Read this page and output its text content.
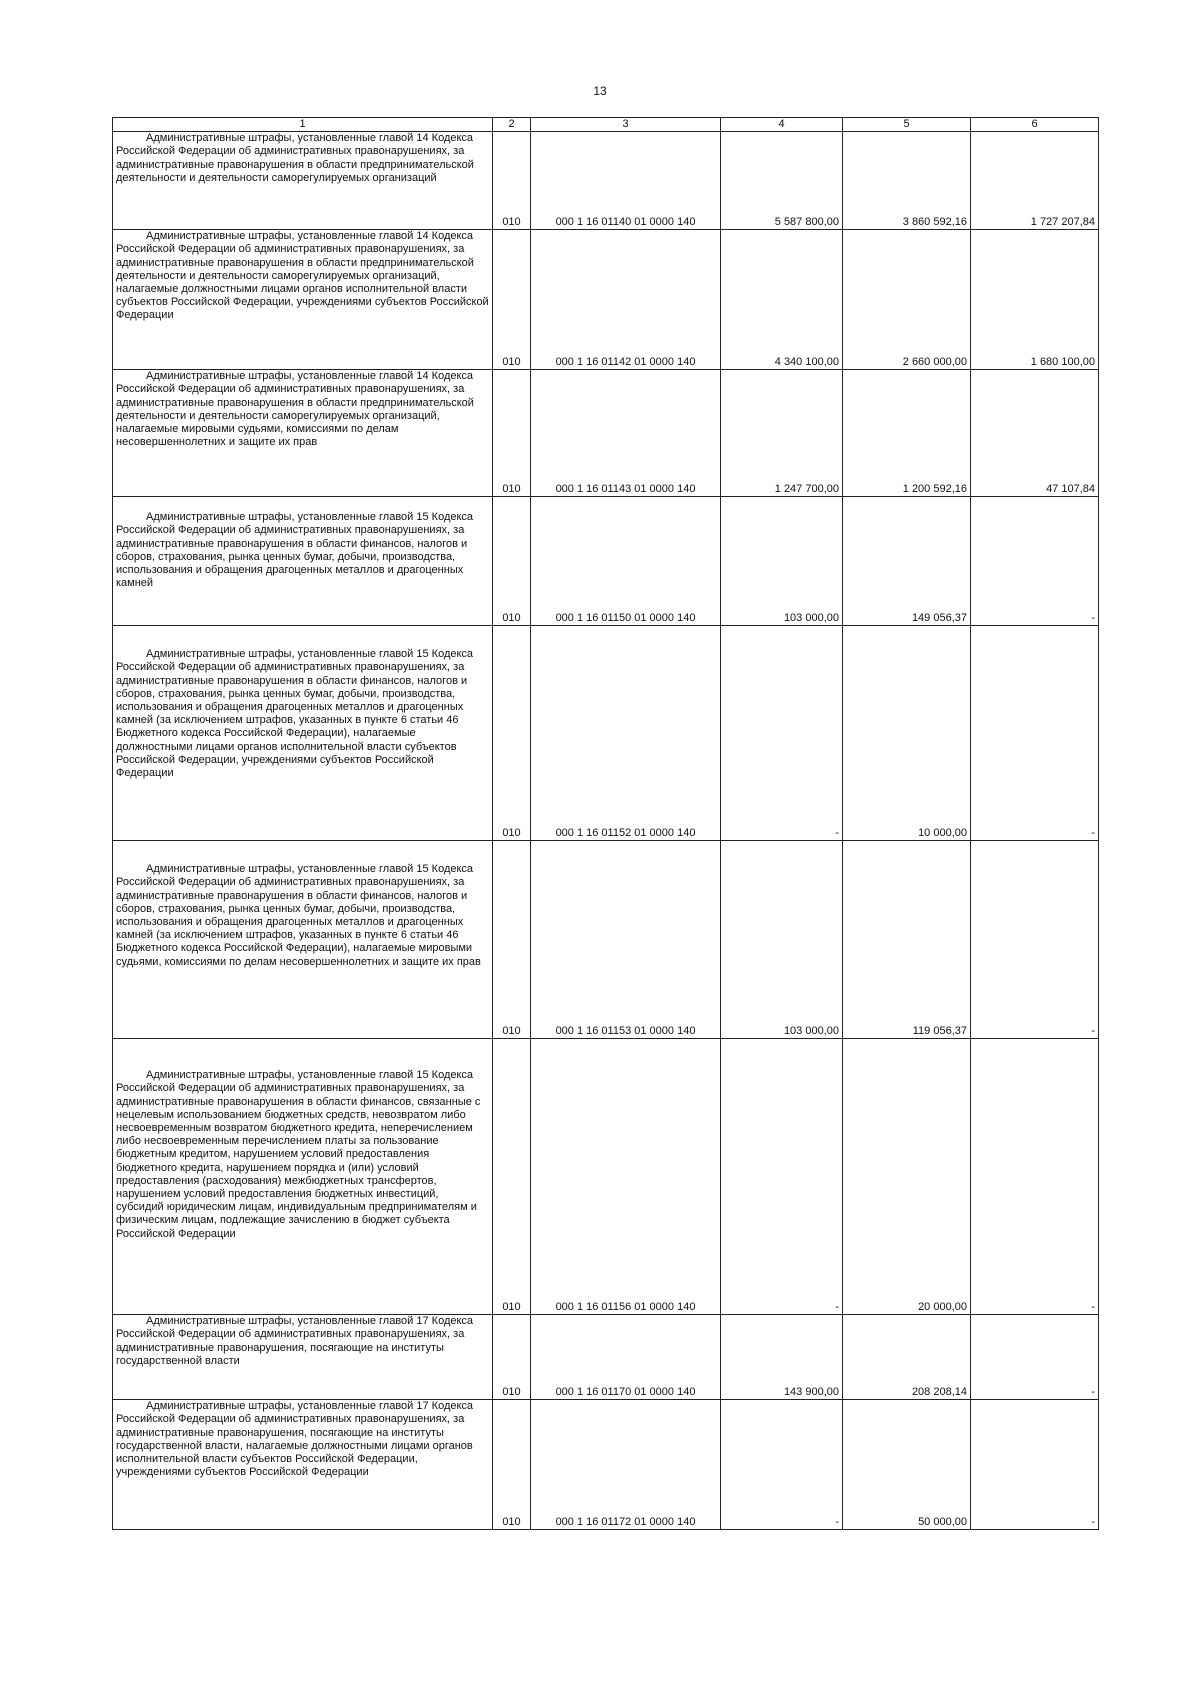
13
1	2	3	4	5	6
Административные штрафы, установленные главой 14 Кодекса Российской Федерации об административных правонарушениях, за административные правонарушения в области предпринимательской деятельности и деятельности саморегулируемых организаций	010	000 1 16 01140 01 0000 140	5 587 800,00	3 860 592,16	1 727 207,84
Административные штрафы, установленные главой 14 Кодекса Российской Федерации об административных правонарушениях, за административные правонарушения в области предпринимательской деятельности и деятельности саморегулируемых организаций, налагаемые должностными лицами органов исполнительной власти субъектов Российской Федерации, учреждениями субъектов Российской Федерации	010	000 1 16 01142 01 0000 140	4 340 100,00	2 660 000,00	1 680 100,00
Административные штрафы, установленные главой 14 Кодекса Российской Федерации об административных правонарушениях, за административные правонарушения в области предпринимательской деятельности и деятельности саморегулируемых организаций, налагаемые мировыми судьями, комиссиями по делам несовершеннолетних и защите их прав	010	000 1 16 01143 01 0000 140	1 247 700,00	1 200 592,16	47 107,84
Административные штрафы, установленные главой 15 Кодекса Российской Федерации об административных правонарушениях, за административные правонарушения в области финансов, налогов и сборов, страхования, рынка ценных бумаг, добычи, производства, использования и обращения драгоценных металлов и драгоценных камней	010	000 1 16 01150 01 0000 140	103 000,00	149 056,37	-
Административные штрафы, установленные главой 15 Кодекса Российской Федерации об административных правонарушениях, за административные правонарушения в области финансов, налогов и сборов, страхования, рынка ценных бумаг, добычи, производства, использования и обращения драгоценных металлов и драгоценных камней (за исключением штрафов, указанных в пункте 6 статьи 46 Бюджетного кодекса Российской Федерации), налагаемые должностными лицами органов исполнительной власти субъектов Российской Федерации, учреждениями субъектов Российской Федерации	010	000 1 16 01152 01 0000 140	-	10 000,00	-
Административные штрафы, установленные главой 15 Кодекса Российской Федерации об административных правонарушениях, за административные правонарушения в области финансов, налогов и сборов, страхования, рынка ценных бумаг, добычи, производства, использования и обращения драгоценных металлов и драгоценных камней (за исключением штрафов, указанных в пункте 6 статьи 46 Бюджетного кодекса Российской Федерации), налагаемые мировыми судьями, комиссиями по делам несовершеннолетних и защите их прав	010	000 1 16 01153 01 0000 140	103 000,00	119 056,37	-
Административные штрафы, установленные главой 15 Кодекса Российской Федерации об административных правонарушениях, за административные правонарушения в области финансов, связанные с нецелевым использованием бюджетных средств, невозвратом либо несвоевременным возвратом бюджетного кредита, неперечислением либо несвоевременным перечислением платы за пользование бюджетным кредитом, нарушением условий предоставления бюджетного кредита, нарушением порядка и (или) условий предоставления (расходования) межбюджетных трансфертов, нарушением условий предоставления бюджетных инвестиций, субсидий юридическим лицам, индивидуальным предпринимателям и физическим лицам, подлежащие зачислению в бюджет субъекта Российской Федерации	010	000 1 16 01156 01 0000 140	-	20 000,00	-
Административные штрафы, установленные главой 17 Кодекса Российской Федерации об административных правонарушениях, за административные правонарушения, посягающие на институты государственной власти	010	000 1 16 01170 01 0000 140	143 900,00	208 208,14	-
Административные штрафы, установленные главой 17 Кодекса Российской Федерации об административных правонарушениях, за административные правонарушения, посягающие на институты государственной власти, налагаемые должностными лицами органов исполнительной власти субъектов Российской Федерации, учреждениями субъектов Российской Федерации	010	000 1 16 01172 01 0000 140	-	50 000,00	-
